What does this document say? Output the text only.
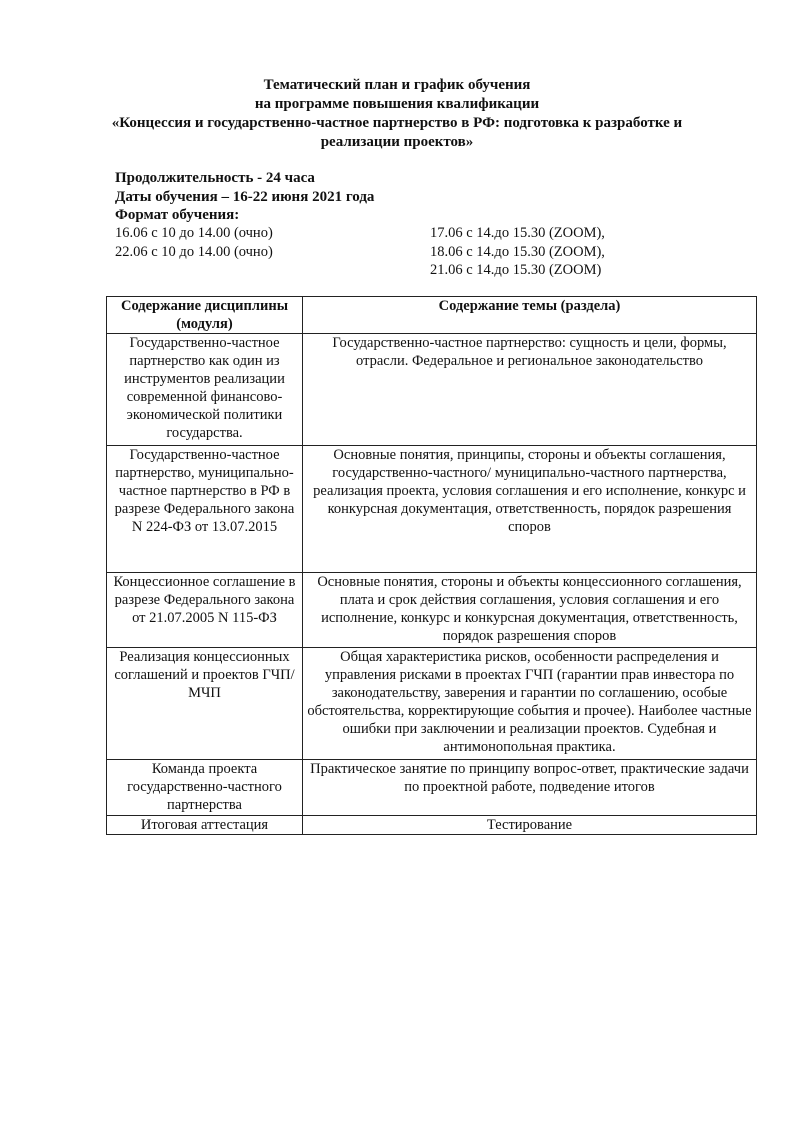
Тематический план и график обучения
на программе повышения квалификации
«Концессия и государственно-частное партнерство в РФ: подготовка к разработке и
реализации проектов»
Продолжительность - 24 часа
Даты обучения – 16-22 июня 2021 года
Формат обучения:
16.06 с 10 до 14.00 (очно)
22.06 с 10 до 14.00 (очно)
17.06 с 14.до 15.30 (ZOOM),
18.06 с 14.до 15.30 (ZOOM),
21.06 с 14.до 15.30 (ZOOM)
Содержание дисциплины (модуля)	Содержание темы (раздела)
Государственно-частное партнерство как один из инструментов реализации современной финансово-экономической политики государства.	Государственно-частное партнерство: сущность и цели, формы, отрасли. Федеральное и региональное законодательство
Государственно-частное партнерство, муниципально-частное партнерство в РФ в разрезе Федерального закона N 224-ФЗ от 13.07.2015	Основные понятия, принципы, стороны и объекты соглашения, государственно-частного/ муниципально-частного партнерства, реализация проекта, условия соглашения и его исполнение, конкурс и конкурсная документация, ответственность, порядок разрешения споров
Концессионное соглашение в разрезе Федерального закона от 21.07.2005 N 115-ФЗ	Основные понятия, стороны и объекты концессионного соглашения, плата и срок действия соглашения, условия соглашения и его исполнение, конкурс и конкурсная документация, ответственность, порядок разрешения споров
Реализация концессионных соглашений и проектов ГЧП/МЧП	Общая характеристика рисков, особенности распределения и управления рисками в проектах ГЧП (гарантии прав инвестора по законодательству, заверения и гарантии по соглашению, особые обстоятельства, корректирующие события и прочее). Наиболее частные ошибки при заключении и реализации проектов. Судебная и антимонопольная практика.
Команда проекта государственно-частного партнерства	Практическое занятие по принципу вопрос-ответ, практические задачи по проектной работе, подведение итогов
Итоговая аттестация	Тестирование
